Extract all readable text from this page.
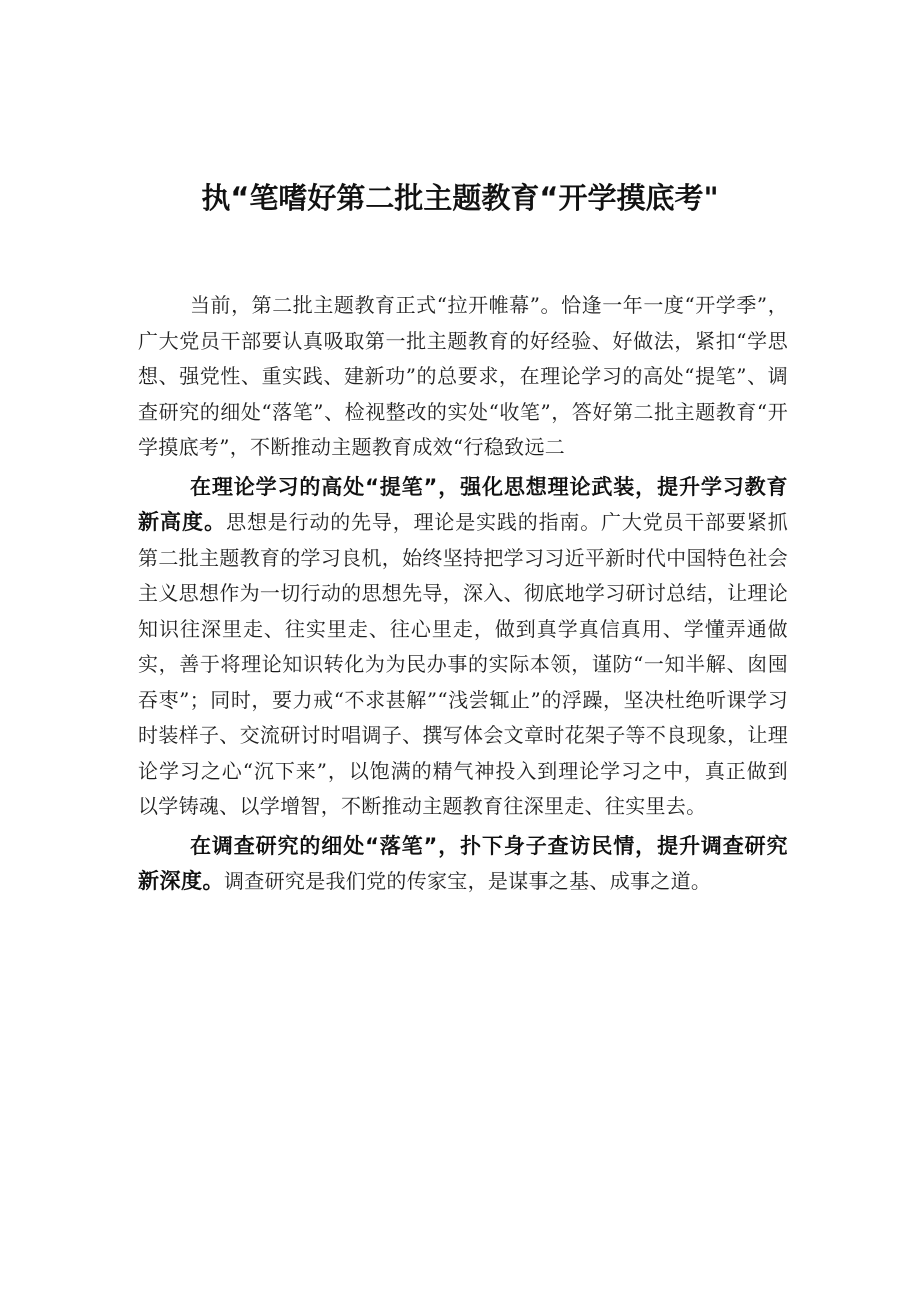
执“笔嗜好第二批主题教育“开学摸底考"

当前，第二批主题教育正式“拉开帷幕”。恰逢一年一度“开学季”，广大党员干部要认真吸取第一批主题教育的好经验、好做法，紧扣“学思想、强党性、重实践、建新功”的总要求，在理论学习的高处“提笔”、调查研究的细处“落笔”、检视整改的实处“收笔”，答好第二批主题教育“开学摸底考”，不断推动主题教育成效“行稳致远二

在理论学习的高处“提笔”，强化思想理论武装，提升学习教育新高度。思想是行动的先导，理论是实践的指南。广大党员干部要紧抓第二批主题教育的学习良机，始终坚持把学习习近平新时代中国特色社会主义思想作为一切行动的思想先导，深入、彻底地学习研讨总结，让理论知识往深里走、往实里走、往心里走，做到真学真信真用、学懂弄通做实，善于将理论知识转化为为民办事的实际本领，谨防“一知半解、囱囤吞枣”；同时，要力戒“不求甚解”“浅尝辄止”的浮躁，坚决杜绝听课学习时装样子、交流研讨时唱调子、撰写体会文章时花架子等不良现象，让理论学习之心“沉下来”，以饱满的精气神投入到理论学习之中，真正做到以学铸魂、以学增智，不断推动主题教育往深里走、往实里去。

在调查研究的细处“落笔”，扑下身子查访民情，提升调查研究新深度。调查研究是我们党的传家宝，是谋事之基、成事之道。
